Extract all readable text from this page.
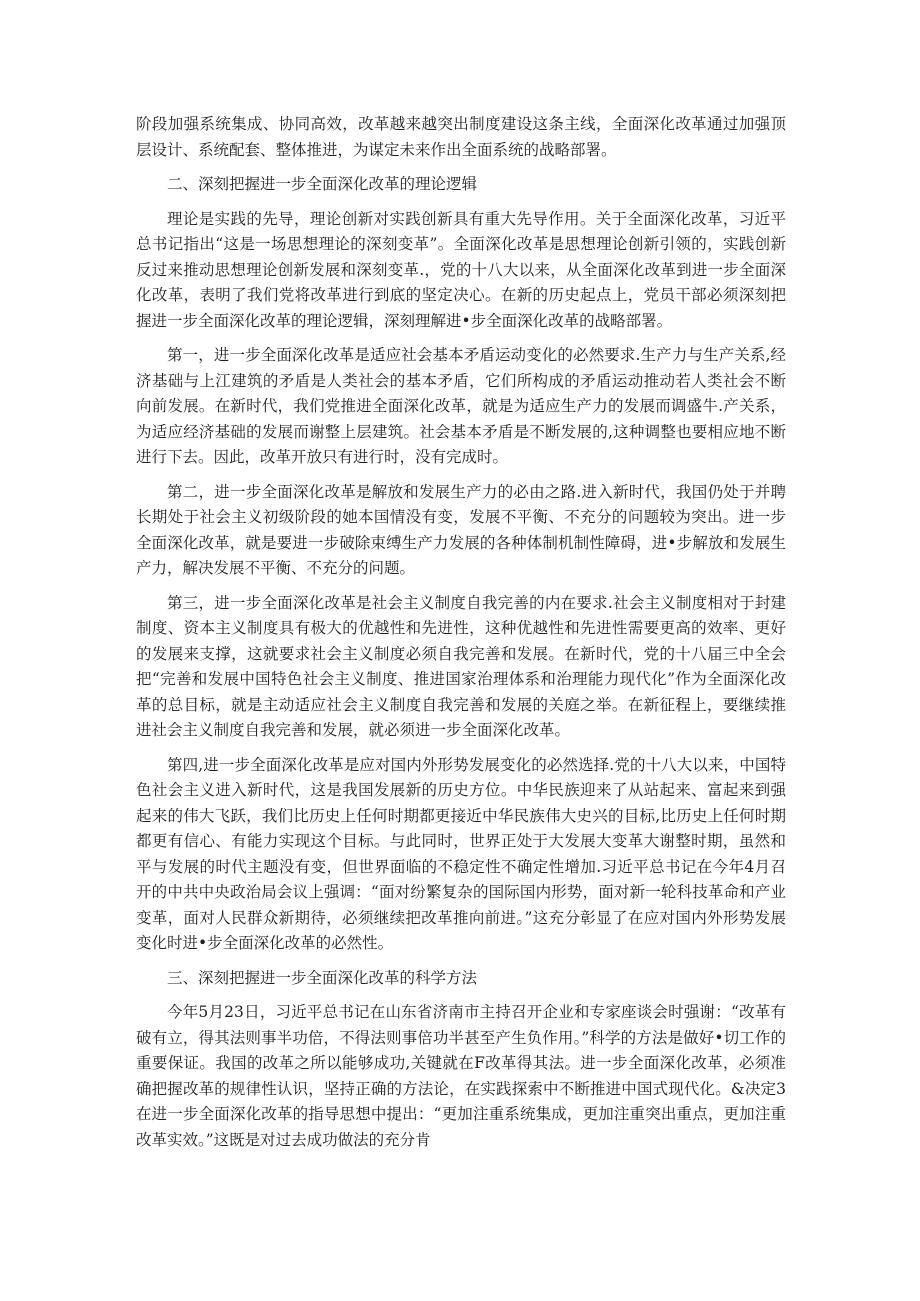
阶段加强系统集成、协同高效，改革越来越突出制度建设这条主线，全面深化改革通过加强顶层设计、系统配套、整体推进，为谋定未来作出全面系统的战略部署。

二、深刻把握进一步全面深化改革的理论逻辑

理论是实践的先导，理论创新对实践创新具有重大先导作用。关于全面深化改革，习近平总书记指出“这是一场思想理论的深刻变革”。全面深化改革是思想理论创新引领的，实践创新反过来推动思想理论创新发展和深刻变革.，党的十八大以来，从全面深化改革到进一步全面深化改革，表明了我们党将改革进行到底的坚定决心。在新的历史起点上，党员干部必须深刻把握进一步全面深化改革的理论逻辑，深刻理解进•步全面深化改革的战略部署。

第一，进一步全面深化改革是适应社会基本矛盾运动变化的必然要求.生产力与生产关系,经济基础与上江建筑的矛盾是人类社会的基本矛盾，它们所构成的矛盾运动推动若人类社会不断向前发展。在新时代，我们党推进全面深化改革，就是为适应生产力的发展而调盛牛.产关系，为适应经济基础的发展而谢整上层建筑。社会基本矛盾是不断发展的,这种调整也要相应地不断进行下去。因此，改革开放只有进行时，没有完成时。

第二，进一步全面深化改革是解放和发展生产力的必由之路.进入新时代，我国仍处于并聘长期处于社会主义初级阶段的她本国情没有变，发展不平衡、不充分的问题较为突出。进一步全面深化改革，就是要进一步破除束缚生产力发展的各种体制机制性障碍，进•步解放和发展生产力，解决发展不平衡、不充分的问题。

第三，进一步全面深化改革是社会主义制度自我完善的内在要求.社会主义制度相对于封建制度、资本主义制度具有极大的优越性和先进性，这种优越性和先进性需要更高的效率、更好的发展来支撑，这就要求社会主义制度必须自我完善和发展。在新时代，党的十八届三中全会把“完善和发展中国特色社会主义制度、推进国家治理体系和治理能力现代化”作为全面深化改革的总目标，就是主动适应社会主义制度自我完善和发展的关庭之举。在新征程上，要继续推进社会主义制度自我完善和发展，就必须进一步全面深化改革。

第四,进一步全面深化改革是应对国内外形势发展变化的必然选择.党的十八大以来，中国特色社会主义进入新时代，这是我国发展新的历史方位。中华民族迎来了从站起来、富起来到强起来的伟大飞跃，我们比历史上任何时期都更接近中华民族伟大史兴的目标,比历史上任何时期都更有信心、有能力实现这个目标。与此同时，世界正处于大发展大变革大谢整时期，虽然和平与发展的时代主题没有变，但世界面临的不稳定性不确定性增加.习近平总书记在今年4月召开的中共中央政治局会议上强调：“面对纷繁复杂的国际国内形势，面对新一轮科技革命和产业变革，面对人民群众新期待，必须继续把改革推向前进。”这充分彰显了在应对国内外形势发展变化时进•步全面深化改革的必然性。

三、深刻把握进一步全面深化改革的科学方法

今年5月23日，习近平总书记在山东省济南市主持召开企业和专家座谈会时强谢：“改革有破有立，得其法则事半功倍，不得法则事倍功半甚至产生负作用。”科学的方法是做好•切工作的重要保证。我国的改革之所以能够成功,关键就在F改革得其法。进一步全面深化改革，必须准确把握改革的规律性认识，坚持正确的方法论，在实践探索中不断推进中国式现代化。&决定3在进一步全面深化改革的指导思想中提出：“更加注重系统集成，更加注重突出重点，更加注重改革实效。”这既是对过去成功做法的充分肯
